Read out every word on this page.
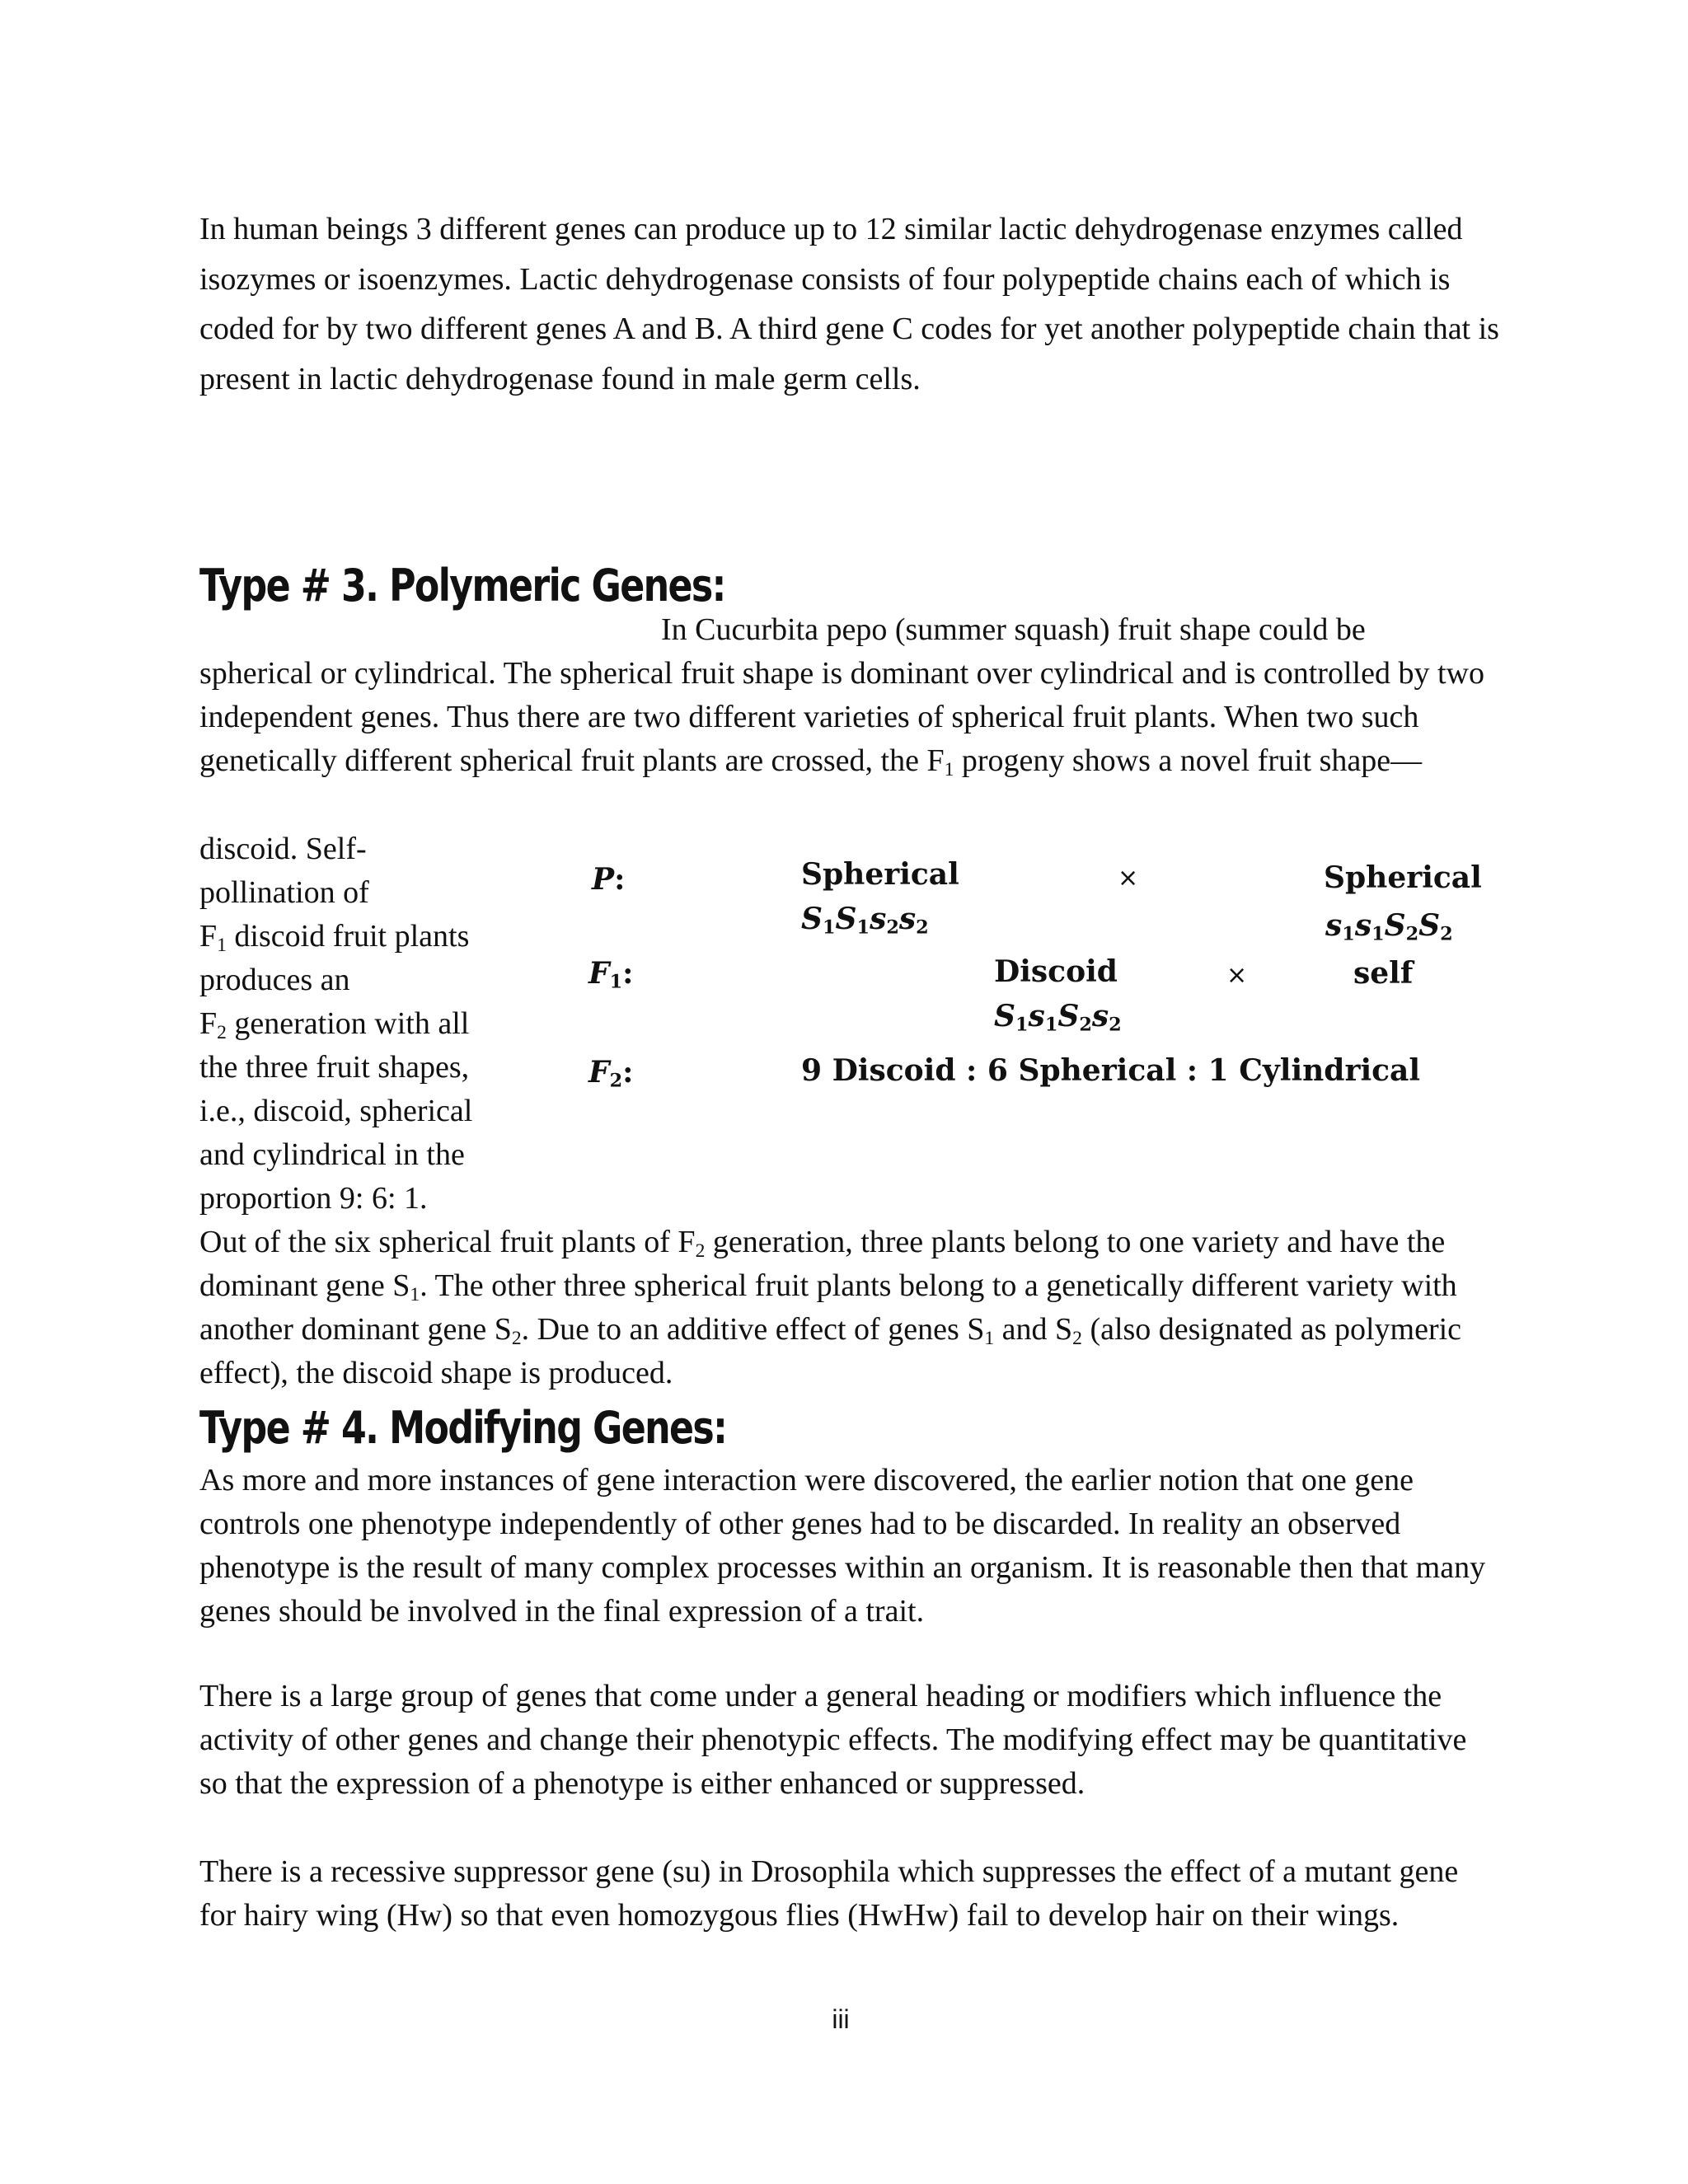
In human beings 3 different genes can produce up to 12 similar lactic dehydrogenase enzymes called isozymes or isoenzymes. Lactic dehydrogenase consists of four polypeptide chains each of which is coded for by two different genes A and B. A third gene C codes for yet another polypeptide chain that is present in lactic dehydrogenase found in male germ cells.

Type # 3. Polymeric Genes:

In Cucurbita pepo (summer squash) fruit shape could be
spherical or cylindrical. The spherical fruit shape is dominant over cylindrical and is controlled by two independent genes. Thus there are two different varieties of spherical fruit plants. When two such genetically different spherical fruit plants are crossed, the $F_1$ progeny shows a novel fruit shape—

discoid. Self-
pollination of
$F_1$ discoid fruit plants
produces an
$F_2$ generation with all
the three fruit shapes,
i.e., discoid, spherical
and cylindrical in the
proportion 9: 6: 1.
P:	Spherical	×	Spherical
$S_1S_1s_2s_2$	$s_1s_1S_2S_2$
$F_1$:	Discoid	×	self
$S_1s_1S_2s_2$
$F_2$:	9 Discoid : 6 Spherical : 1 Cylindrical

Out of the six spherical fruit plants of $F_2$ generation, three plants belong to one variety and have the dominant gene $S_1$. The other three spherical fruit plants belong to a genetically different variety with another dominant gene $S_2$. Due to an additive effect of genes $S_1$ and $S_2$ (also designated as polymeric effect), the discoid shape is produced.

Type # 4. Modifying Genes:

As more and more instances of gene interaction were discovered, the earlier notion that one gene controls one phenotype independently of other genes had to be discarded. In reality an observed phenotype is the result of many complex processes within an organism. It is reasonable then that many genes should be involved in the final expression of a trait.

There is a large group of genes that come under a general heading or modifiers which influence the activity of other genes and change their phenotypic effects. The modifying effect may be quantitative so that the expression of a phenotype is either enhanced or suppressed.

There is a recessive suppressor gene (su) in Drosophila which suppresses the effect of a mutant gene for hairy wing (Hw) so that even homozygous flies (HwHw) fail to develop hair on their wings.

iii
